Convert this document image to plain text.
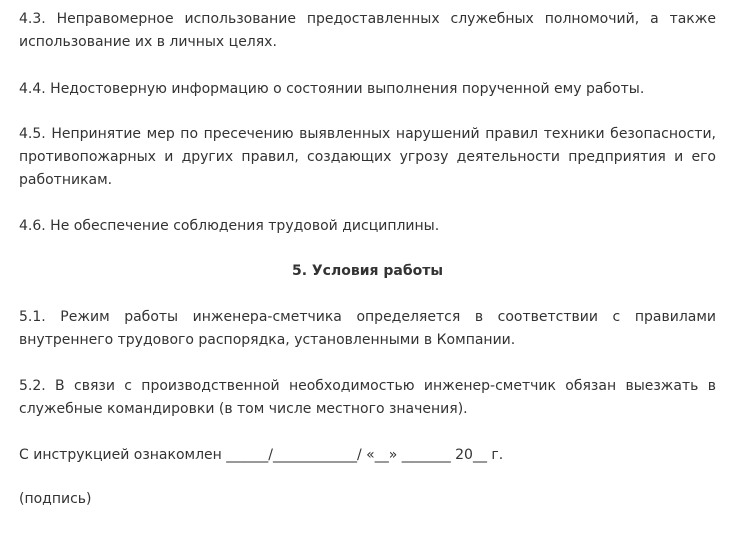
4.3. Неправомерное использование предоставленных служебных полномочий, а также использование их в личных целях.

4.4. Недостоверную информацию о состоянии выполнения порученной ему работы.

4.5. Непринятие мер по пресечению выявленных нарушений правил техники безопасности, противопожарных и других правил, создающих угрозу деятельности предприятия и его работникам.

4.6. Не обеспечение соблюдения трудовой дисциплины.

5. Условия работы

5.1. Режим работы инженера-сметчика определяется в соответствии с правилами внутреннего трудового распорядка, установленными в Компании.

5.2. В связи с производственной необходимостью инженер-сметчик обязан выезжать в служебные командировки (в том числе местного значения).

С инструкцией ознакомлен ______/____________/ «__» _______ 20__ г.

(подпись)
